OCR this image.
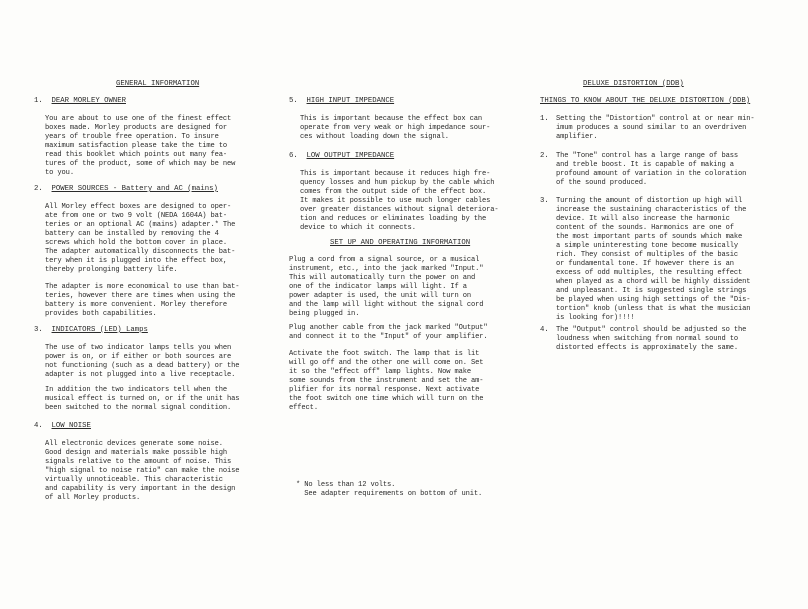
GENERAL INFORMATION
1. DEAR MORLEY OWNER
You are about to use one of the finest effect
boxes made. Morley products are designed for
years of trouble free operation. To insure
maximum satisfaction please take the time to
read this booklet which points out many fea-
tures of the product, some of which may be new
to you.
2. POWER SOURCES - Battery and AC (mains)
All Morley effect boxes are designed to oper-
ate from one or two 9 volt (NEDA 1604A) bat-
teries or an optional AC (mains) adapter.* The
battery can be installed by removing the 4
screws which hold the bottom cover in place.
The adapter automatically disconnects the bat-
tery when it is plugged into the effect box,
thereby prolonging battery life.
The adapter is more economical to use than bat-
teries, however there are times when using the
battery is more convenient. Morley therefore
provides both capabilities.
3. INDICATORS (LED) Lamps
The use of two indicator lamps tells you when
power is on, or if either or both sources are
not functioning (such as a dead battery) or the
adapter is not plugged into a live receptacle.
In addition the two indicators tell when the
musical effect is turned on, or if the unit has
been switched to the normal signal condition.
4. LOW NOISE
All electronic devices generate some noise.
Good design and materials make possible high
signals relative to the amount of noise. This
"high signal to noise ratio" can make the noise
virtually unnoticeable. This characteristic
and capability is very important in the design
of all Morley products.
5. HIGH INPUT IMPEDANCE
This is important because the effect box can
operate from very weak or high impedance sour-
ces without loading down the signal.
6. LOW OUTPUT IMPEDANCE
This is important because it reduces high fre-
quency losses and hum pickup by the cable which
comes from the output side of the effect box.
It makes it possible to use much longer cables
over greater distances without signal deteriora-
tion and reduces or eliminates loading by the
device to which it connects.
SET UP AND OPERATING INFORMATION
Plug a cord from a signal source, or a musical
instrument, etc., into the jack marked "Input."
This will automatically turn the power on and
one of the indicator lamps will light. If a
power adapter is used, the unit will turn on
and the lamp will light without the signal cord
being plugged in.
Plug another cable from the jack marked "Output"
and connect it to the "Input" of your amplifier.
Activate the foot switch. The lamp that is lit
will go off and the other one will come on. Set
it so the "effect off" lamp lights. Now make
some sounds from the instrument and set the am-
plifier for its normal response. Next activate
the foot switch one time which will turn on the
effect.
* No less than 12 volts.
See adapter requirements on bottom of unit.
DELUXE DISTORTION (DDB)
THINGS TO KNOW ABOUT THE DELUXE DISTORTION (DDB)
1. Setting the "Distortion" control at or near min-
imum produces a sound similar to an overdriven
amplifier.
2. The "Tone" control has a large range of bass
and treble boost. It is capable of making a
profound amount of variation in the coloration
of the sound produced.
3. Turning the amount of distortion up high will
increase the sustaining characteristics of the
device. It will also increase the harmonic
content of the sounds. Harmonics are one of
the most important parts of sounds which make
a simple uninteresting tone become musically
rich. They consist of multiples of the basic
or fundamental tone. If however there is an
excess of odd multiples, the resulting effect
when played as a chord will be highly dissident
and unpleasant. It is suggested single strings
be played when using high settings of the "Dis-
tortion" knob (unless that is what the musician
is looking for)!!!!
4. The "Output" control should be adjusted so the
loudness when switching from normal sound to
distorted effects is approximately the same.
